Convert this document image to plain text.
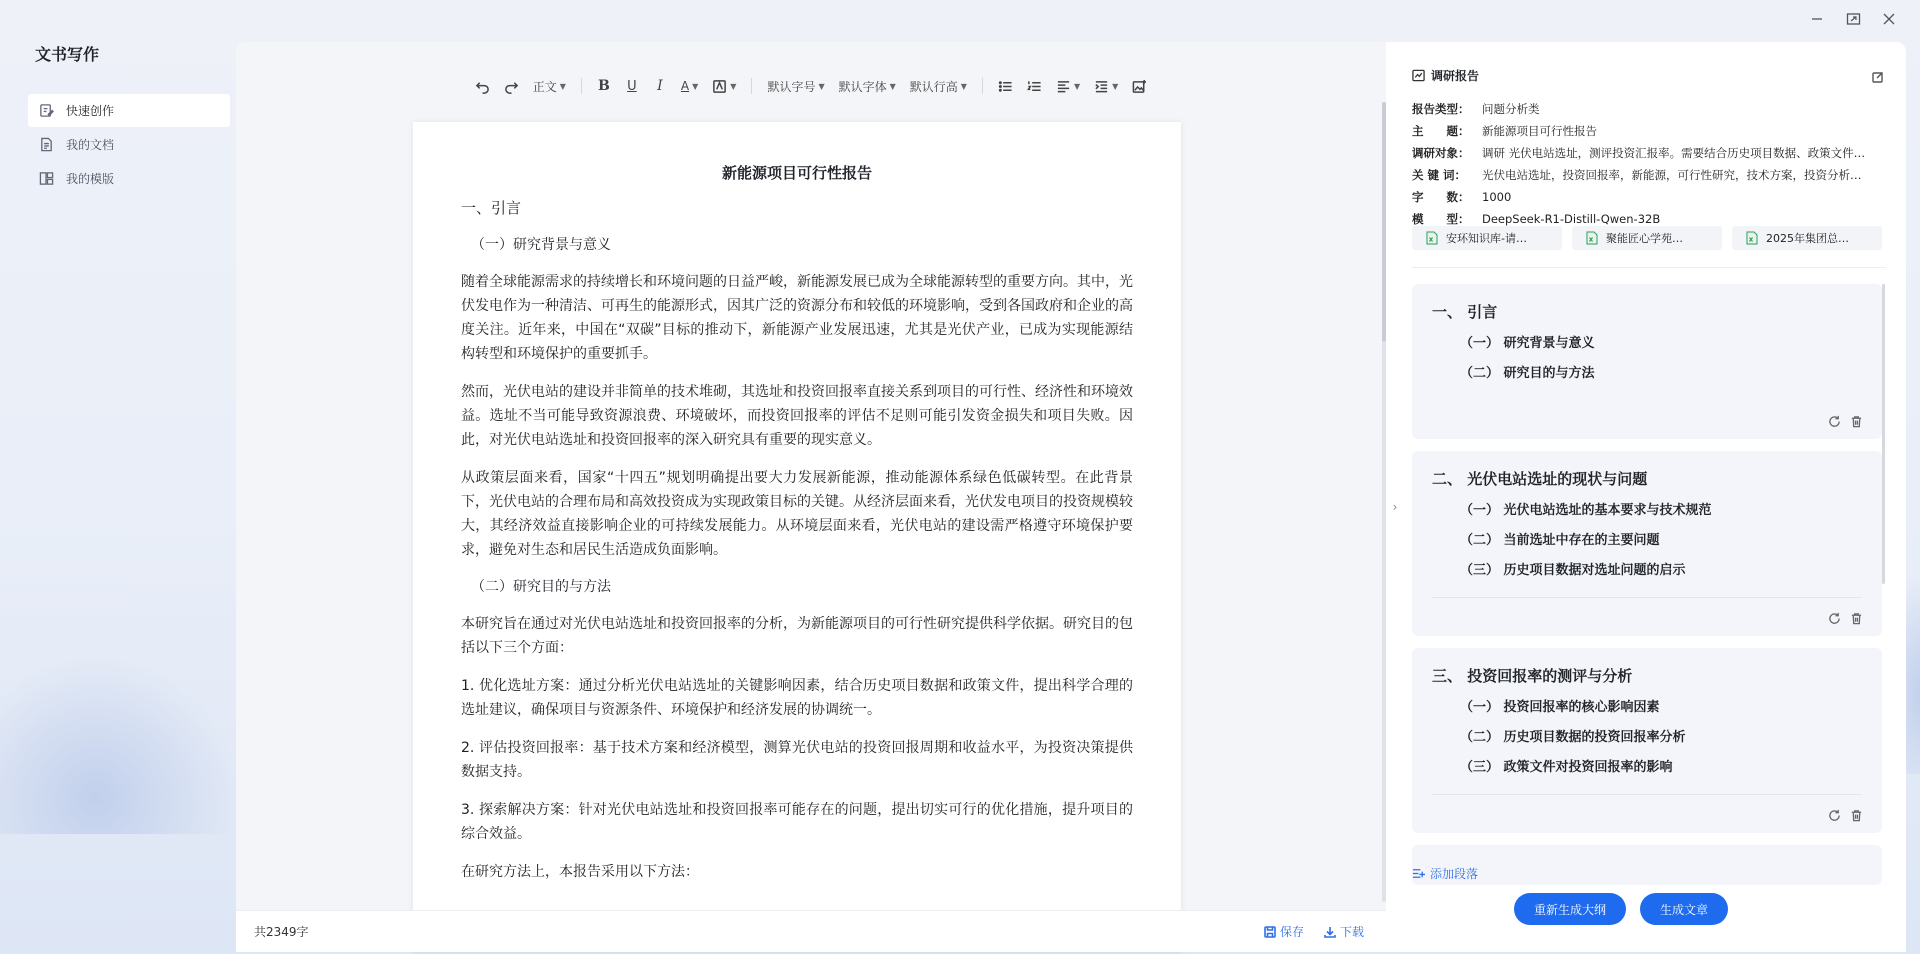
文书写作
快速创作
我的文档
我的模版
正文 ▼	B	U	I	A ▼	▼	默认字号 ▼ 默认字体 ▼ 默认行高 ▼	▼	▼
新能源项目可行性报告
一、引言
（一）研究背景与意义
随着全球能源需求的持续增长和环境问题的日益严峻，新能源发展已成为全球能源转型的重要方向。其中，光伏发电作为一种清洁、可再生的能源形式，因其广泛的资源分布和较低的环境影响，受到各国政府和企业的高度关注。近年来，中国在“双碳”目标的推动下，新能源产业发展迅速，尤其是光伏产业，已成为实现能源结构转型和环境保护的重要抓手。
然而，光伏电站的建设并非简单的技术堆砌，其选址和投资回报率直接关系到项目的可行性、经济性和环境效益。选址不当可能导致资源浪费、环境破坏，而投资回报率的评估不足则可能引发资金损失和项目失败。因此，对光伏电站选址和投资回报率的深入研究具有重要的现实意义。
从政策层面来看，国家“十四五”规划明确提出要大力发展新能源，推动能源体系绿色低碳转型。在此背景下，光伏电站的合理布局和高效投资成为实现政策目标的关键。从经济层面来看，光伏发电项目的投资规模较大，其经济效益直接影响企业的可持续发展能力。从环境层面来看，光伏电站的建设需严格遵守环境保护要求，避免对生态和居民生活造成负面影响。
（二）研究目的与方法
本研究旨在通过对光伏电站选址和投资回报率的分析，为新能源项目的可行性研究提供科学依据。研究目的包括以下三个方面：
1. 优化选址方案：通过分析光伏电站选址的关键影响因素，结合历史项目数据和政策文件，提出科学合理的选址建议，确保项目与资源条件、环境保护和经济发展的协调统一。
2. 评估投资回报率：基于技术方案和经济模型，测算光伏电站的投资回报周期和收益水平，为投资决策提供数据支持。
3. 探索解决方案：针对光伏电站选址和投资回报率可能存在的问题，提出切实可行的优化措施，提升项目的综合效益。
在研究方法上，本报告采用以下方法：
共2349字	保存	下载
›
调研报告
报告类型：	问题分析类
主　　题：	新能源项目可行性报告
调研对象：	调研 光伏电站选址，测评投资汇报率。需要结合历史项目数据、政策文件…
关 键 词：	光伏电站选址，投资回报率，新能源，可行性研究，技术方案，投资分析…
字　　数：	1000
模　　型：	DeepSeek-R1-Distill-Qwen-32B
安环知识库-请…	聚能匠心学苑…	2025年集团总…
一、 引言
（一） 研究背景与意义
（二） 研究目的与方法
二、 光伏电站选址的现状与问题
（一） 光伏电站选址的基本要求与技术规范
（二） 当前选址中存在的主要问题
（三） 历史项目数据对选址问题的启示
三、 投资回报率的测评与分析
（一） 投资回报率的核心影响因素
（二） 历史项目数据的投资回报率分析
（三） 政策文件对投资回报率的影响
添加段落
重新生成大纲	生成文章
